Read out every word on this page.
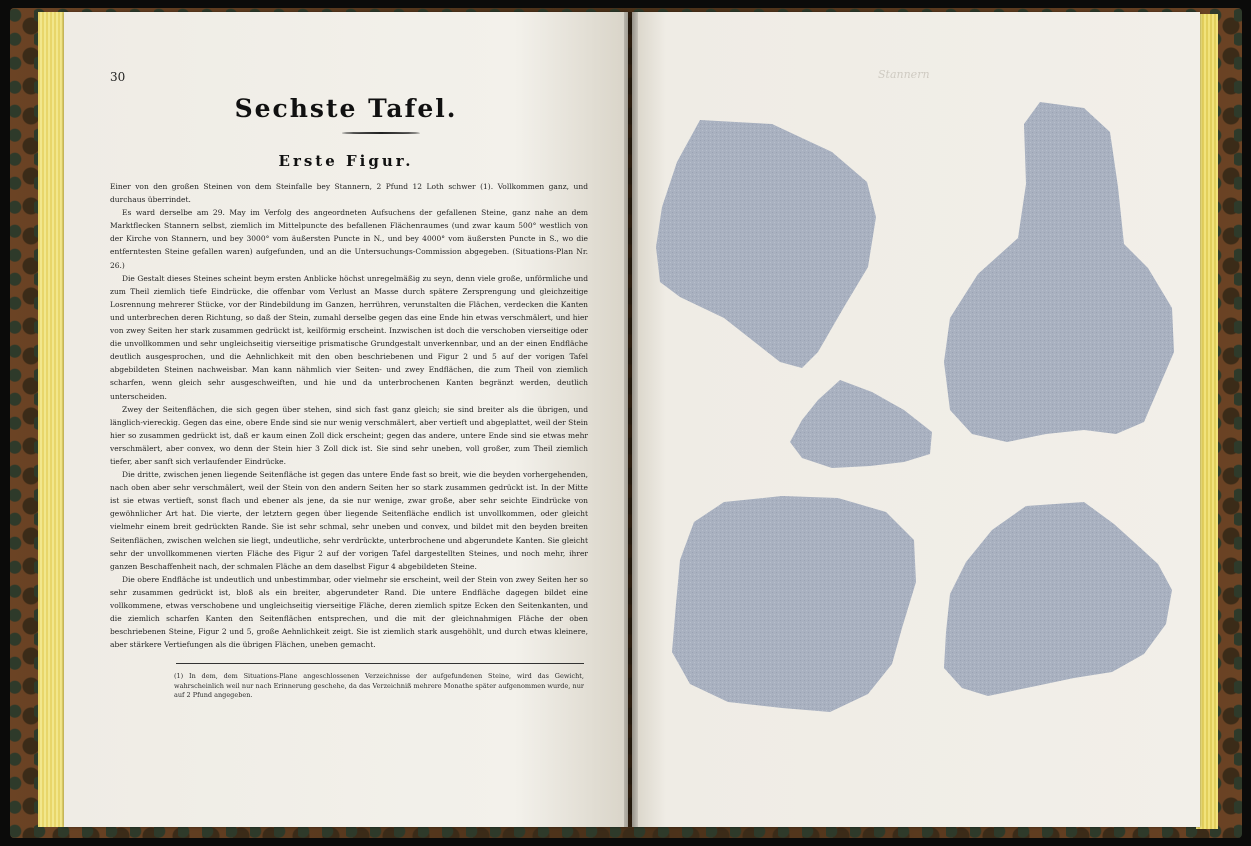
30
Sechste Tafel.
Erste Figur.

Einer von den großen Steinen von dem Steinfalle bey Stannern, 2 Pfund 12 Loth schwer (1). Vollkommen ganz, und durchaus überrindet.

Es ward derselbe am 29. May im Verfolg des angeordneten Aufsuchens der gefallenen Steine, ganz nahe an dem Marktflecken Stannern selbst, ziemlich im Mittelpuncte des befallenen Flächenraumes (und zwar kaum 500° westlich von der Kirche von Stannern, und bey 3000° vom äußersten Puncte in N., und bey 4000° vom äußersten Puncte in S., wo die entferntesten Steine gefallen waren) aufgefunden, und an die Untersuchungs-Commission abgegeben. (Situations-Plan Nr. 26.)

Die Gestalt dieses Steines scheint beym ersten Anblicke höchst unregelmäßig zu seyn, denn viele große, unförmliche und zum Theil ziemlich tiefe Eindrücke, die offenbar vom Verlust an Masse durch spätere Zersprengung und gleichzeitige Losrennung mehrerer Stücke, vor der Rindebildung im Ganzen, herrühren, verunstalten die Flächen, verdecken die Kanten und unterbrechen deren Richtung, so daß der Stein, zumahl derselbe gegen das eine Ende hin etwas verschmälert, und hier von zwey Seiten her stark zusammen gedrückt ist, keilförmig erscheint. Inzwischen ist doch die verschoben vierseitige oder die unvollkommen und sehr ungleichseitig vierseitige prismatische Grundgestalt unverkennbar, und an der einen Endfläche deutlich ausgesprochen, und die Aehnlichkeit mit den oben beschriebenen und Figur 2 und 5 auf der vorigen Tafel abgebildeten Steinen nachweisbar. Man kann nähmlich vier Seiten- und zwey Endflächen, die zum Theil von ziemlich scharfen, wenn gleich sehr ausgeschweiften, und hie und da unterbrochenen Kanten begränzt werden, deutlich unterscheiden.

Zwey der Seitenflächen, die sich gegen über stehen, sind sich fast ganz gleich; sie sind breiter als die übrigen, und länglich-viereckig. Gegen das eine, obere Ende sind sie nur wenig verschmälert, aber vertieft und abgeplattet, weil der Stein hier so zusammen gedrückt ist, daß er kaum einen Zoll dick erscheint; gegen das andere, untere Ende sind sie etwas mehr verschmälert, aber convex, wo denn der Stein hier 3 Zoll dick ist. Sie sind sehr uneben, voll großer, zum Theil ziemlich tiefer, aber sanft sich verlaufender Eindrücke.

Die dritte, zwischen jenen liegende Seitenfläche ist gegen das untere Ende fast so breit, wie die beyden vorhergehenden, nach oben aber sehr verschmälert, weil der Stein von den andern Seiten her so stark zusammen gedrückt ist. In der Mitte ist sie etwas vertieft, sonst flach und ebener als jene, da sie nur wenige, zwar große, aber sehr seichte Eindrücke von gewöhnlicher Art hat. Die vierte, der letztern gegen über liegende Seitenfläche endlich ist unvollkommen, oder gleicht vielmehr einem breit gedrückten Rande. Sie ist sehr schmal, sehr uneben und convex, und bildet mit den beyden breiten Seitenflächen, zwischen welchen sie liegt, undeutliche, sehr verdrückte, unterbrochene und abgerundete Kanten. Sie gleicht sehr der unvollkommenen vierten Fläche des Figur 2 auf der vorigen Tafel dargestellten Steines, und noch mehr, ihrer ganzen Beschaffenheit nach, der schmalen Fläche an dem daselbst Figur 4 abgebildeten Steine.

Die obere Endfläche ist undeutlich und unbestimmbar, oder vielmehr sie erscheint, weil der Stein von zwey Seiten her so sehr zusammen gedrückt ist, bloß als ein breiter, abgerundeter Rand. Die untere Endfläche dagegen bildet eine vollkommene, etwas verschobene und ungleichseitig vierseitige Fläche, deren ziemlich spitze Ecken den Seitenkanten, und die ziemlich scharfen Kanten den Seitenflächen entsprechen, und die mit der gleichnahmigen Fläche der oben beschriebenen Steine, Figur 2 und 5, große Aehnlichkeit zeigt. Sie ist ziemlich stark ausgehöhlt, und durch etwas kleinere, aber stärkere Vertiefungen als die übrigen Flächen, uneben gemacht.

(1) In dem, dem Situations-Plane angeschlossenen Verzeichnisse der aufgefundenen Steine, wird das Gewicht, wahrscheinlich weil nur nach Erinnerung geschehe, da das Verzeichniß mehrere Monathe später aufgenommen wurde, nur auf 2 Pfund angegeben.
Stannern
